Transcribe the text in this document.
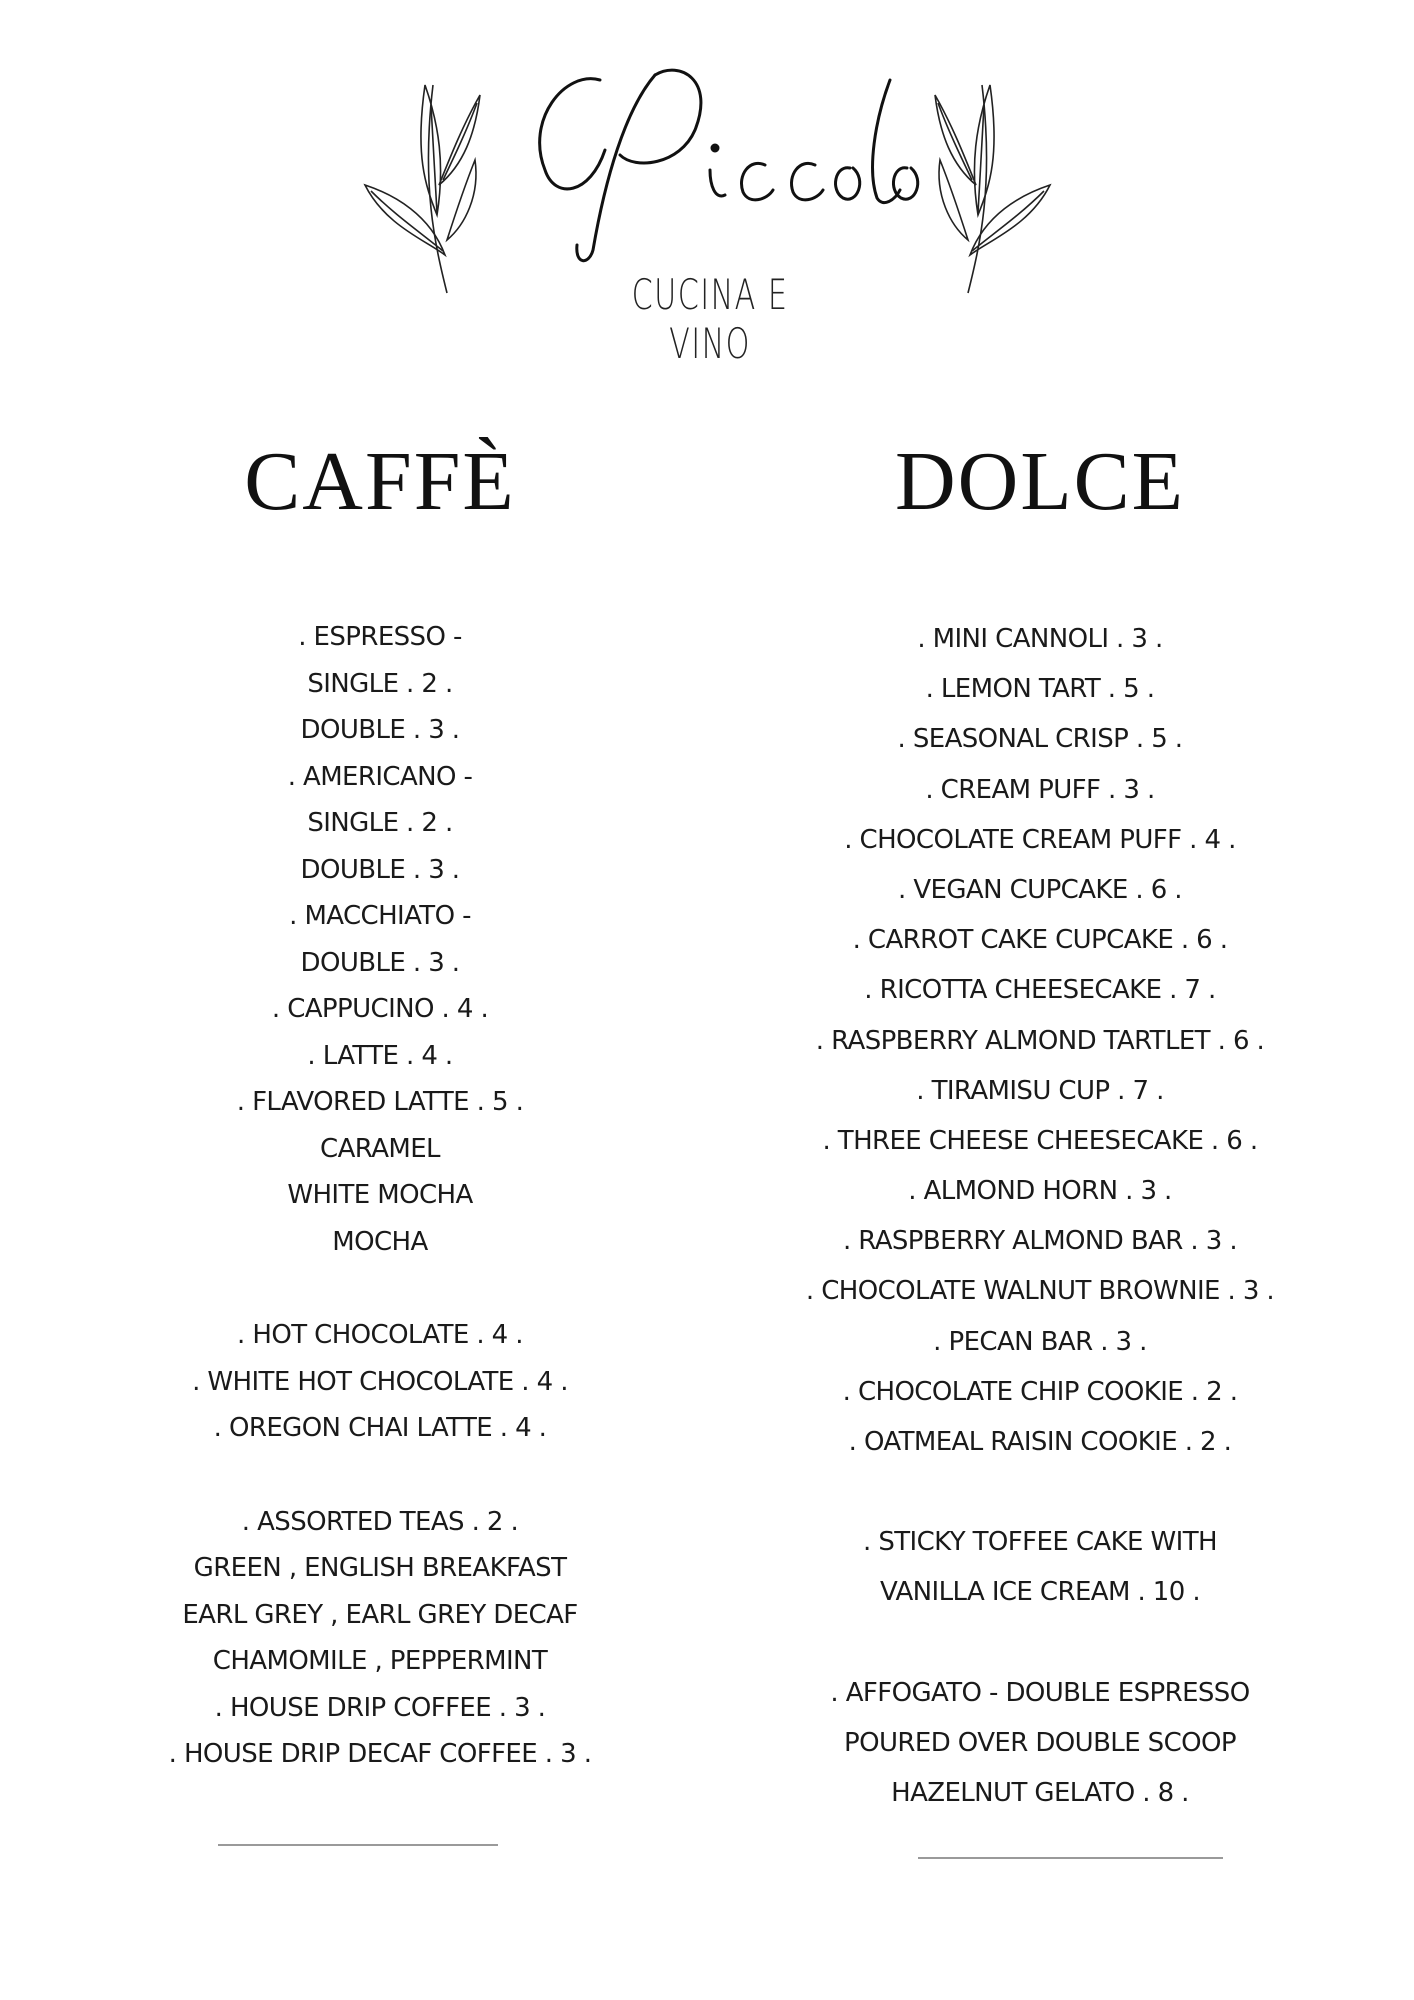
CUCINA E VINO
CAFFÈ
. ESPRESSO -
SINGLE . 2 .
DOUBLE . 3 .
. AMERICANO -
SINGLE . 2 .
DOUBLE . 3 .
. MACCHIATO -
DOUBLE . 3 .
. CAPPUCINO . 4 .
. LATTE . 4 .
. FLAVORED LATTE . 5 .
CARAMEL
WHITE MOCHA
MOCHA
. HOT CHOCOLATE . 4 .
. WHITE HOT CHOCOLATE . 4 .
. OREGON CHAI LATTE . 4 .
. ASSORTED TEAS . 2 .
GREEN , ENGLISH BREAKFAST
EARL GREY , EARL GREY DECAF
CHAMOMILE , PEPPERMINT
. HOUSE DRIP COFFEE . 3 .
. HOUSE DRIP DECAF COFFEE . 3 .
DOLCE
. MINI CANNOLI . 3 .
. LEMON TART . 5 .
. SEASONAL CRISP . 5 .
. CREAM PUFF . 3 .
. CHOCOLATE CREAM PUFF . 4 .
. VEGAN CUPCAKE . 6 .
. CARROT CAKE CUPCAKE . 6 .
. RICOTTA CHEESECAKE . 7 .
. RASPBERRY ALMOND TARTLET . 6 .
. TIRAMISU CUP . 7 .
. THREE CHEESE CHEESECAKE . 6 .
. ALMOND HORN . 3 .
. RASPBERRY ALMOND BAR . 3 .
. CHOCOLATE WALNUT BROWNIE . 3 .
. PECAN BAR . 3 .
. CHOCOLATE CHIP COOKIE . 2 .
. OATMEAL RAISIN COOKIE . 2 .
. STICKY TOFFEE CAKE WITH
VANILLA ICE CREAM . 10 .
. AFFOGATO - DOUBLE ESPRESSO
POURED OVER DOUBLE SCOOP
HAZELNUT GELATO . 8 .
